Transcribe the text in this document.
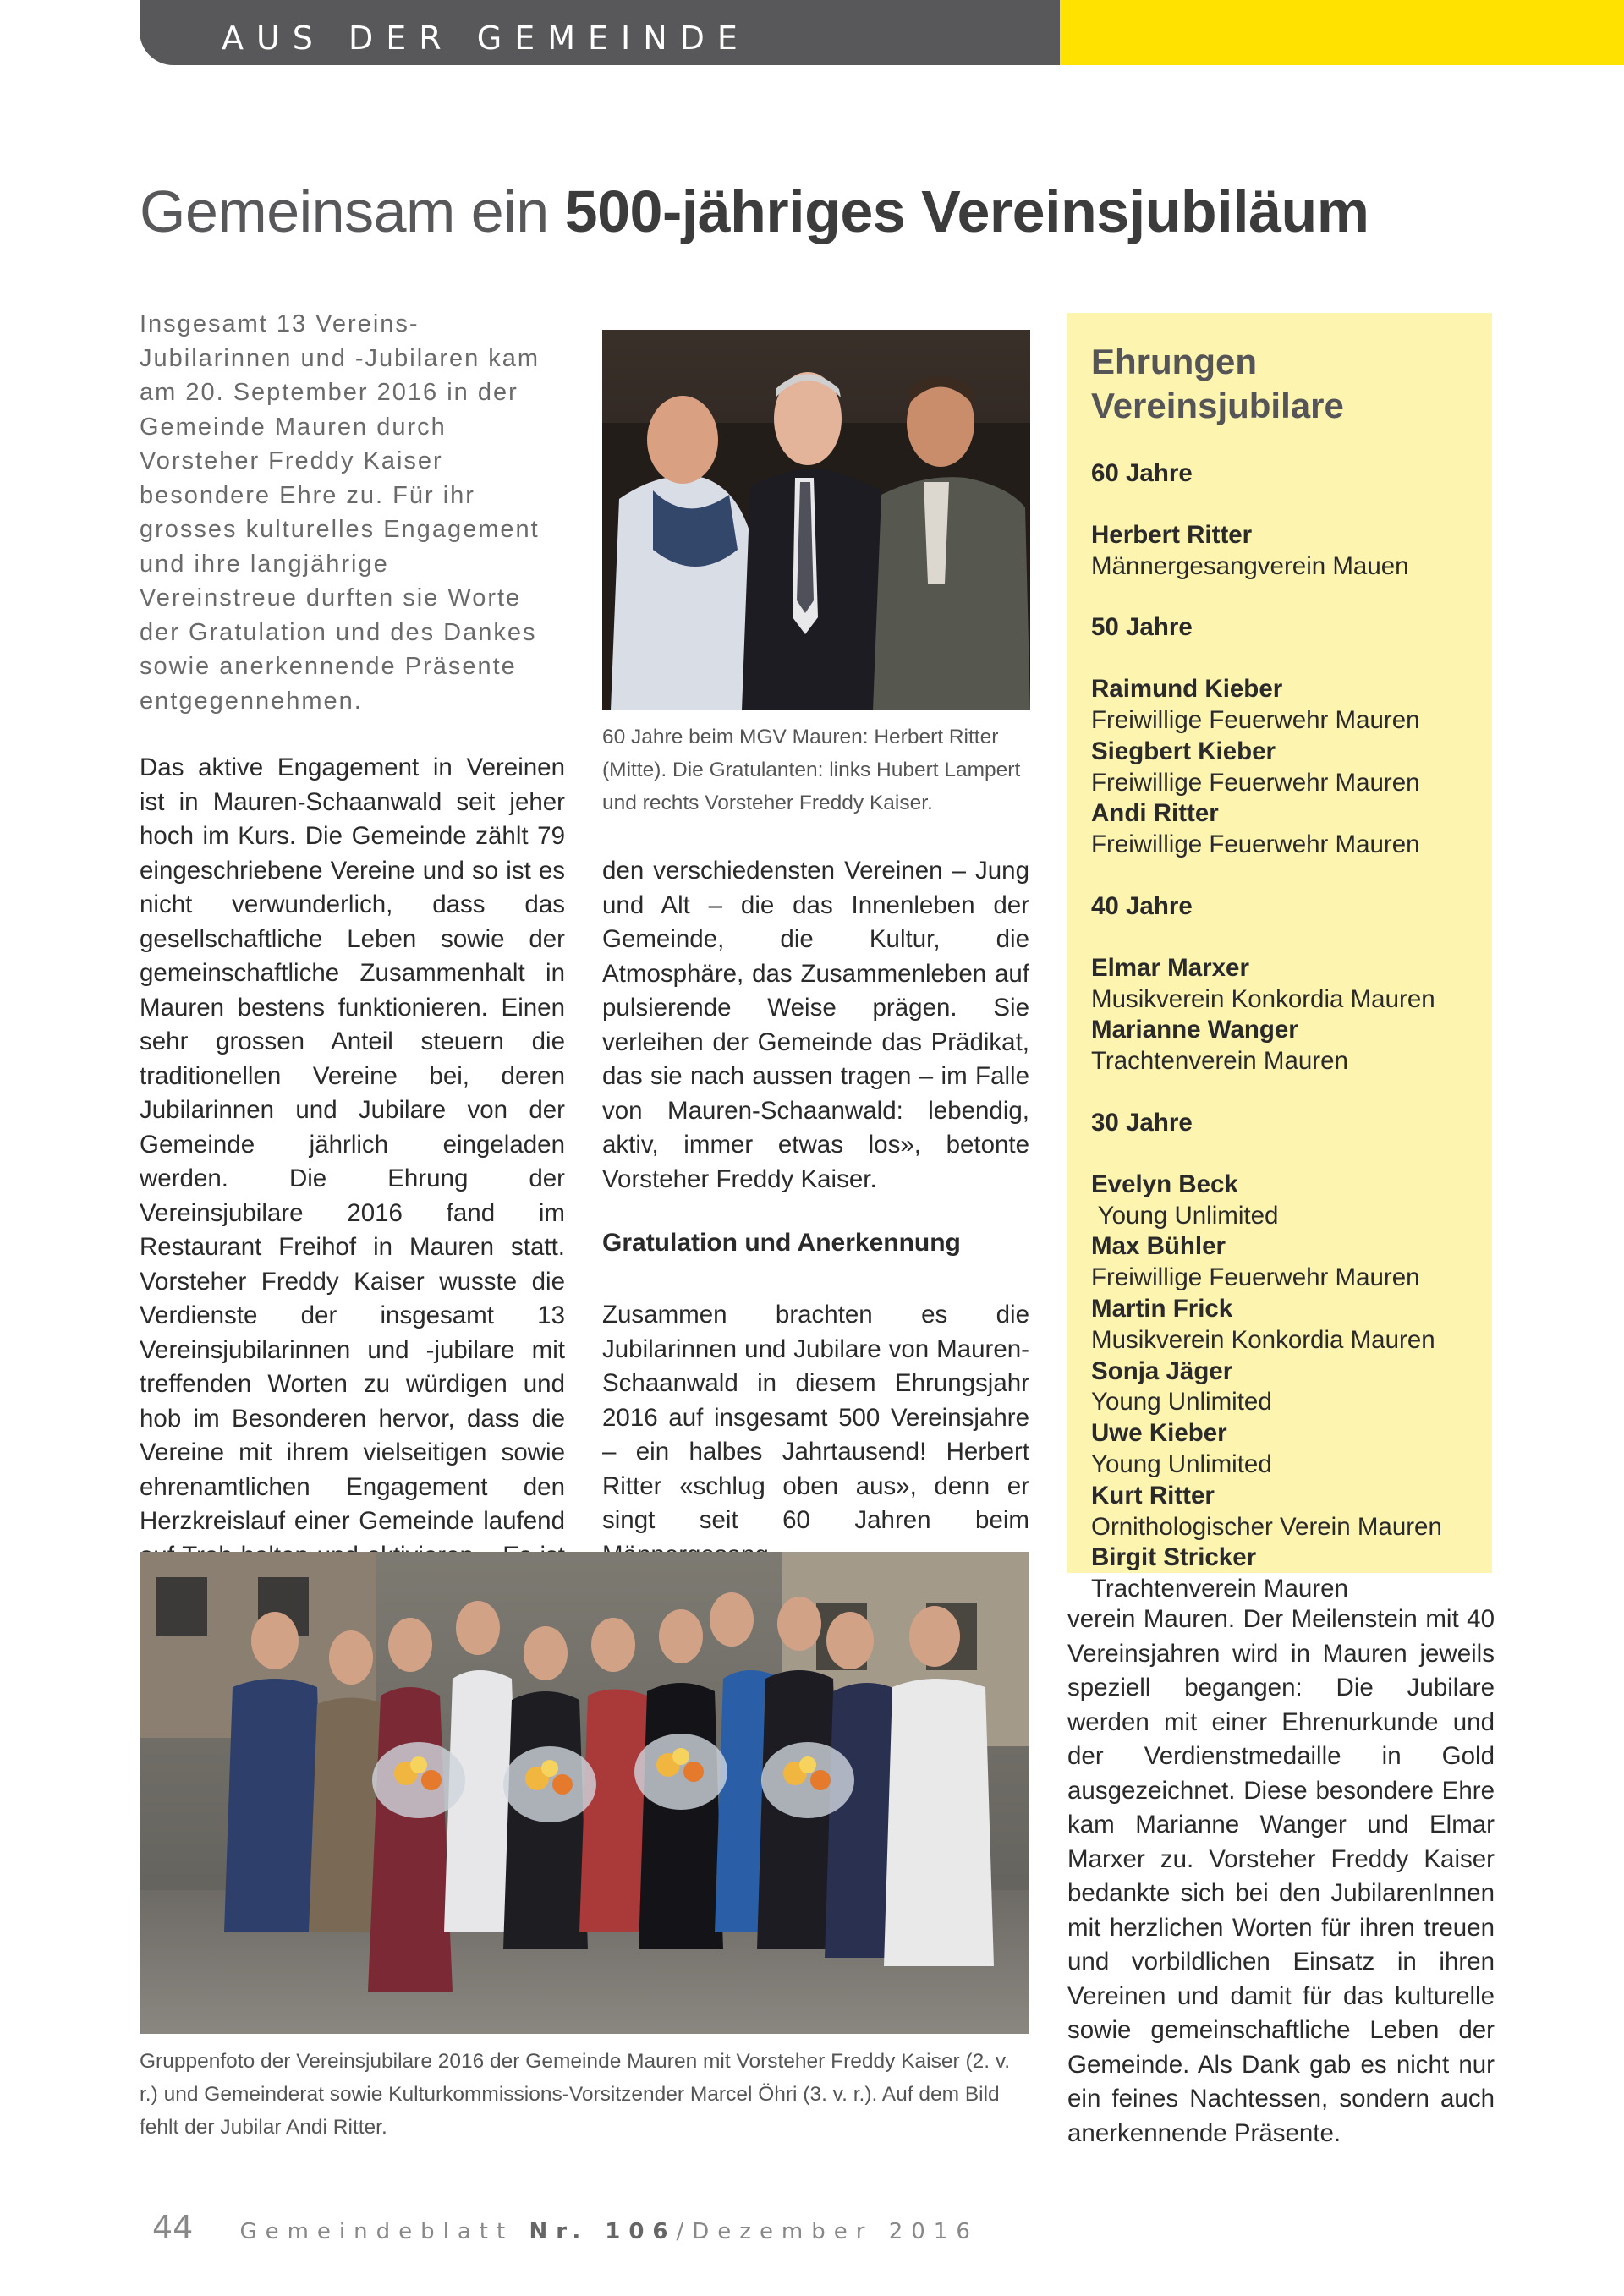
AUS DER GEMEINDE
Gemeinsam ein 500-jähriges Vereinsjubiläum
Insgesamt 13 Vereins-Jubilarinnen und -Jubilaren kam am 20. September 2016 in der Gemeinde Mauren durch Vorsteher Freddy Kaiser besondere Ehre zu. Für ihr grosses kulturelles Engagement und ihre langjährige Vereinstreue durften sie Worte der Gratulation und des Dankes sowie anerkennende Präsente entgegennehmen.
Das aktive Engagement in Vereinen ist in Mauren-Schaanwald seit jeher hoch im Kurs. Die Gemeinde zählt 79 eingeschriebene Vereine und so ist es nicht verwunderlich, dass das gesellschaftliche Leben sowie der gemeinschaftliche Zusammenhalt in Mauren bestens funktionieren. Einen sehr grossen Anteil steuern die traditionellen Vereine bei, deren Jubilarinnen und Jubilare von der Gemeinde jährlich eingeladen werden. Die Ehrung der Vereinsjubilare 2016 fand im Restaurant Freihof in Mauren statt. Vorsteher Freddy Kaiser wusste die Verdienste der insgesamt 13 Vereinsjubilarinnen und -jubilare mit treffenden Worten zu würdigen und hob im Besonderen hervor, dass die Vereine mit ihrem vielseitigen sowie ehrenamtlichen Engagement den Herzkreislauf einer Gemeinde laufend
60 Jahre beim MGV Mauren: Herbert Ritter (Mitte). Die Gratulanten: links Hubert Lampert und rechts Vorsteher Freddy Kaiser.
den verschiedensten Vereinen – Jung und Alt – die das Innenleben der Gemeinde, die Kultur, die Atmosphäre, das Zusammenleben auf pulsierende Weise prägen. Sie verleihen der Gemeinde das Prädikat, das sie nach aussen tragen – im Falle von Mauren-Schaanwald: lebendig, aktiv, immer etwas los», betonte Vorsteher Freddy Kaiser.
Gratulation und Anerkennung
Zusammen brachten es die Jubilarinnen und Jubilare von Mauren-Schaanwald in diesem Ehrungsjahr 2016 auf insgesamt 500 Vereinsjahre – ein halbes Jahrtausend! Herbert Ritter «schlug oben aus», denn er singt seit 60 Jahren beim
Ehrungen
Vereinsjubilare
60 Jahre
Herbert Ritter
Männergesangverein Mauen
50 Jahre
Raimund Kieber
Freiwillige Feuerwehr Mauren
Siegbert Kieber
Freiwillige Feuerwehr Mauren
Andi Ritter
Freiwillige Feuerwehr Mauren
40 Jahre
Elmar Marxer
Musikverein Konkordia Mauren
Marianne Wanger
Trachtenverein Mauren
30 Jahre
Evelyn Beck
Young Unlimited
Max Bühler
Freiwillige Feuerwehr Mauren
Martin Frick
Musikverein Konkordia Mauren
Sonja Jäger
Young Unlimited
Uwe Kieber
Young Unlimited
Kurt Ritter
Ornithologischer Verein Mauren
Birgit Stricker
Trachtenverein Mauren
Gruppenfoto der Vereinsjubilare 2016 der Gemeinde Mauren mit Vorsteher Freddy Kaiser (2. v. r.) und Gemeinderat sowie Kulturkommissions-Vorsitzender Marcel Öhri (3. v. r.). Auf dem Bild fehlt der Jubilar Andi Ritter.
verein Mauren. Der Meilenstein mit 40 Vereinsjahren wird in Mauren jeweils speziell begangen: Die Jubilare werden mit einer Ehrenurkunde und der Verdienstmedaille in Gold ausgezeichnet. Diese besondere Ehre kam Marianne Wanger und Elmar Marxer zu. Vorsteher Freddy Kaiser bedankte sich bei den JubilarenInnen mit herzlichen Worten für ihren treuen und vorbildlichen Einsatz in ihren Vereinen und damit für das kulturelle sowie gemeinschaftliche Leben der Gemeinde. Als Dank gab es nicht nur ein feines Nachtessen, sondern auch anerkennende Präsente.
44 Gemeindeblatt Nr. 106/Dezember 2016
